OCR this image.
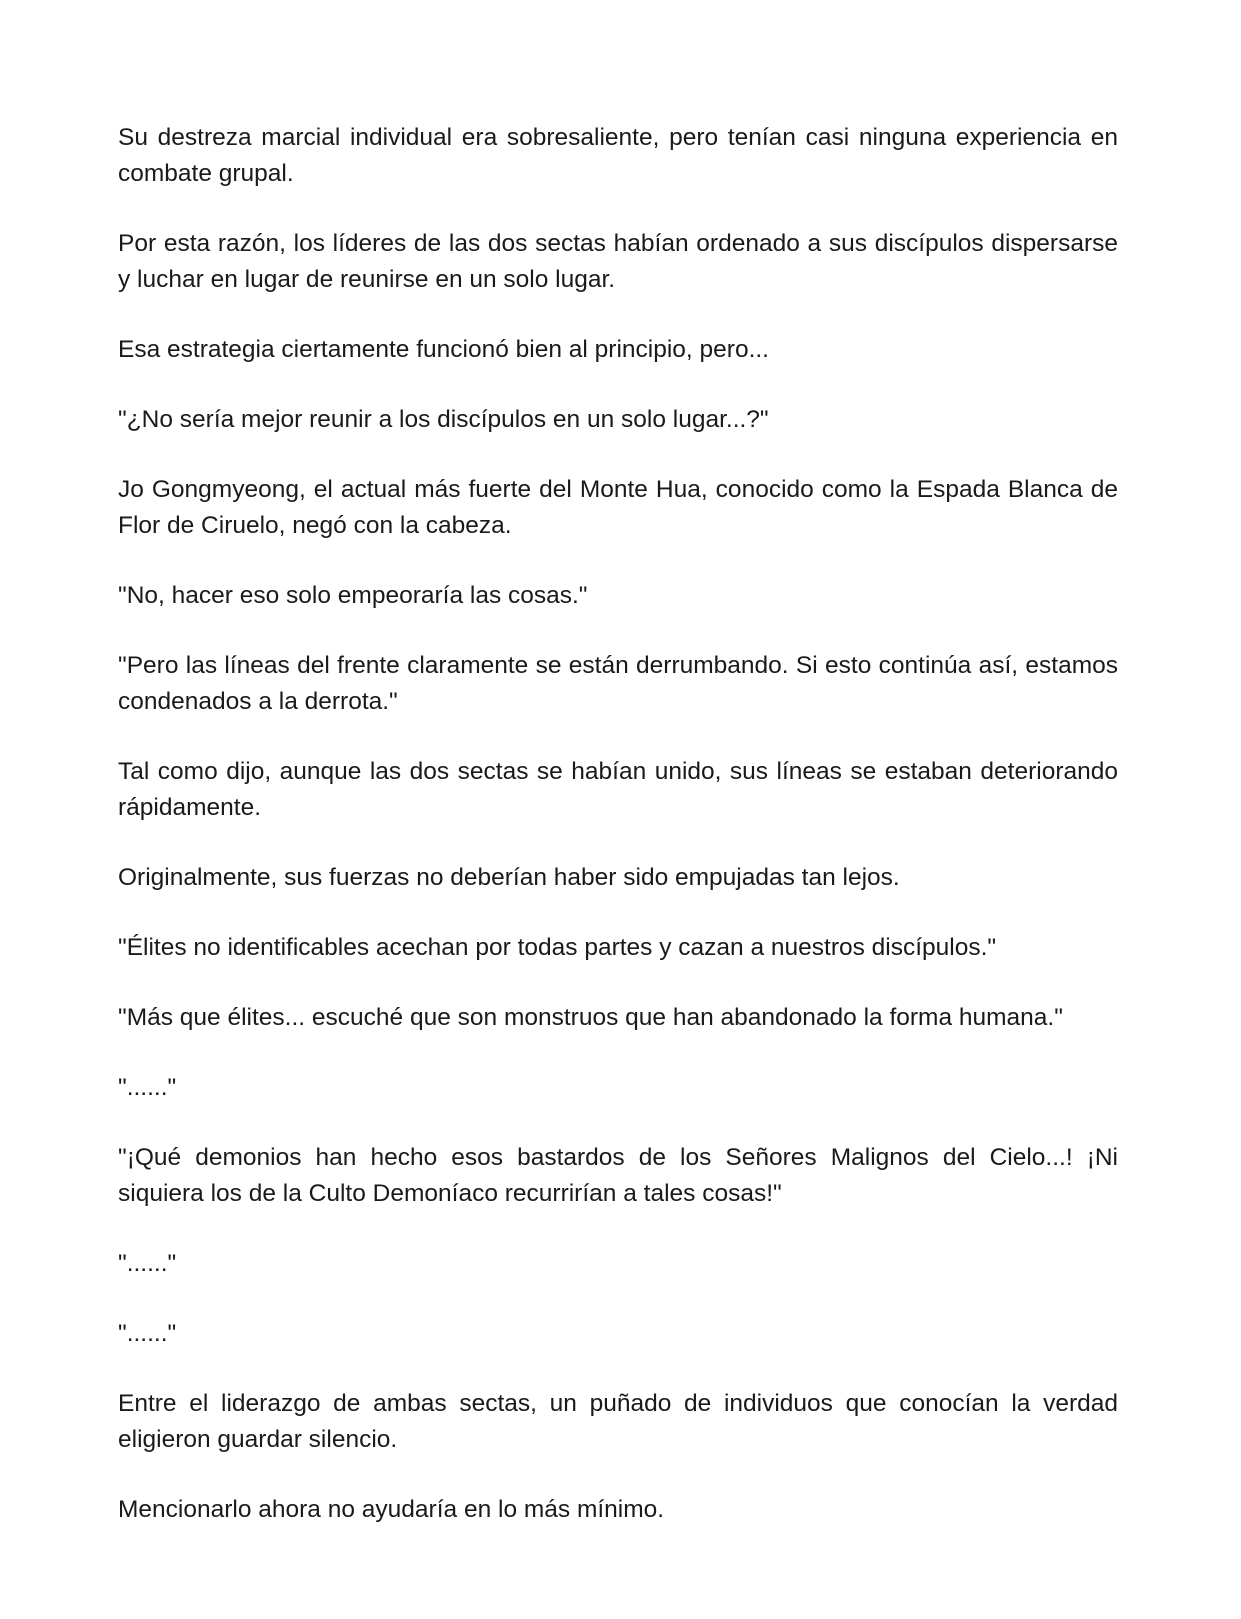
Su destreza marcial individual era sobresaliente, pero tenían casi ninguna experiencia en combate grupal.

Por esta razón, los líderes de las dos sectas habían ordenado a sus discípulos dispersarse y luchar en lugar de reunirse en un solo lugar.

Esa estrategia ciertamente funcionó bien al principio, pero...

"¿No sería mejor reunir a los discípulos en un solo lugar...?"

Jo Gongmyeong, el actual más fuerte del Monte Hua, conocido como la Espada Blanca de Flor de Ciruelo, negó con la cabeza.

"No, hacer eso solo empeoraría las cosas."

"Pero las líneas del frente claramente se están derrumbando. Si esto continúa así, estamos condenados a la derrota."

Tal como dijo, aunque las dos sectas se habían unido, sus líneas se estaban deteriorando rápidamente.

Originalmente, sus fuerzas no deberían haber sido empujadas tan lejos.

"Élites no identificables acechan por todas partes y cazan a nuestros discípulos."

"Más que élites... escuché que son monstruos que han abandonado la forma humana."

"......"

"¡Qué demonios han hecho esos bastardos de los Señores Malignos del Cielo...! ¡Ni siquiera los de la Culto Demoníaco recurrirían a tales cosas!"

"......"

"......"

Entre el liderazgo de ambas sectas, un puñado de individuos que conocían la verdad eligieron guardar silencio.

Mencionarlo ahora no ayudaría en lo más mínimo.
